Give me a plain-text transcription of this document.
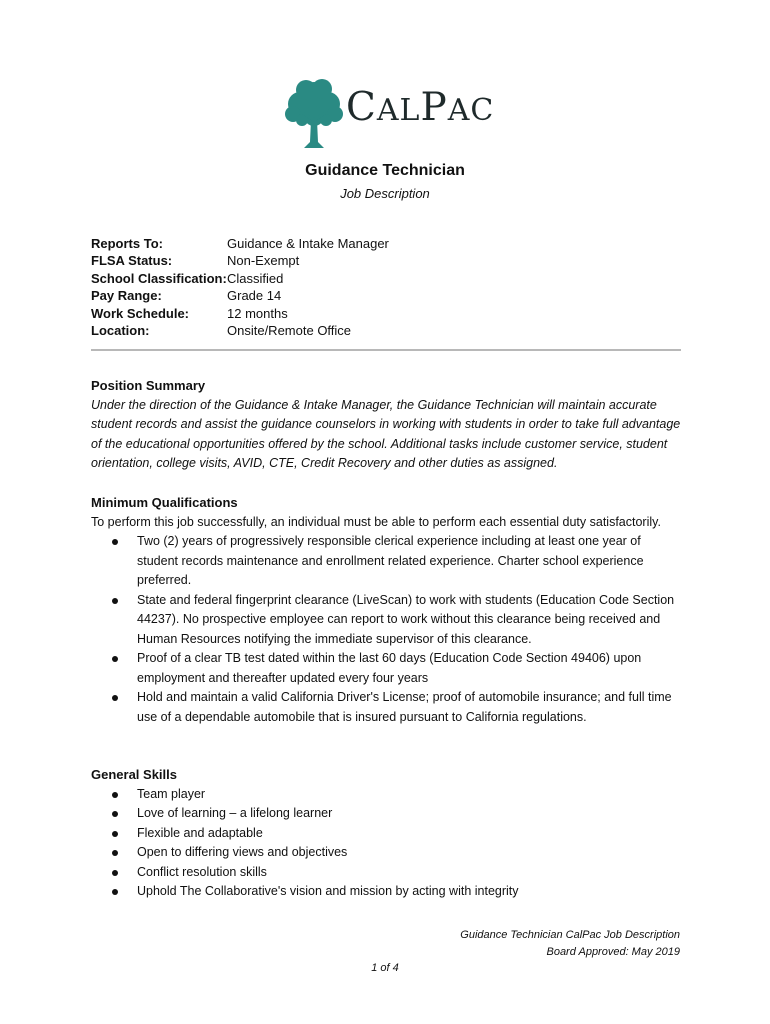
CALPAC
Guidance Technician
Job Description
Reports To:	Guidance & Intake Manager
FLSA Status:	Non-Exempt
School Classification: Classified
Pay Range:	Grade 14
Work Schedule:	12 months
Location:	Onsite/Remote Office
Position Summary
Under the direction of the Guidance & Intake Manager, the Guidance Technician will maintain accurate student records and assist the guidance counselors in working with students in order to take full advantage of the educational opportunities offered by the school. Additional tasks include customer service, student orientation, college visits, AVID, CTE, Credit Recovery and other duties as assigned.
Minimum Qualifications
To perform this job successfully, an individual must be able to perform each essential duty satisfactorily.
Two (2) years of progressively responsible clerical experience including at least one year of student records maintenance and enrollment related experience. Charter school experience preferred.
State and federal fingerprint clearance (LiveScan) to work with students (Education Code Section 44237). No prospective employee can report to work without this clearance being received and Human Resources notifying the immediate supervisor of this clearance.
Proof of a clear TB test dated within the last 60 days (Education Code Section 49406) upon employment and thereafter updated every four years
Hold and maintain a valid California Driver's License; proof of automobile insurance; and full time use of a dependable automobile that is insured pursuant to California regulations.
General Skills
Team player
Love of learning – a lifelong learner
Flexible and adaptable
Open to differing views and objectives
Conflict resolution skills
Uphold The Collaborative's vision and mission by acting with integrity
Guidance Technician CalPac Job Description
Board Approved: May 2019
1 of 4
